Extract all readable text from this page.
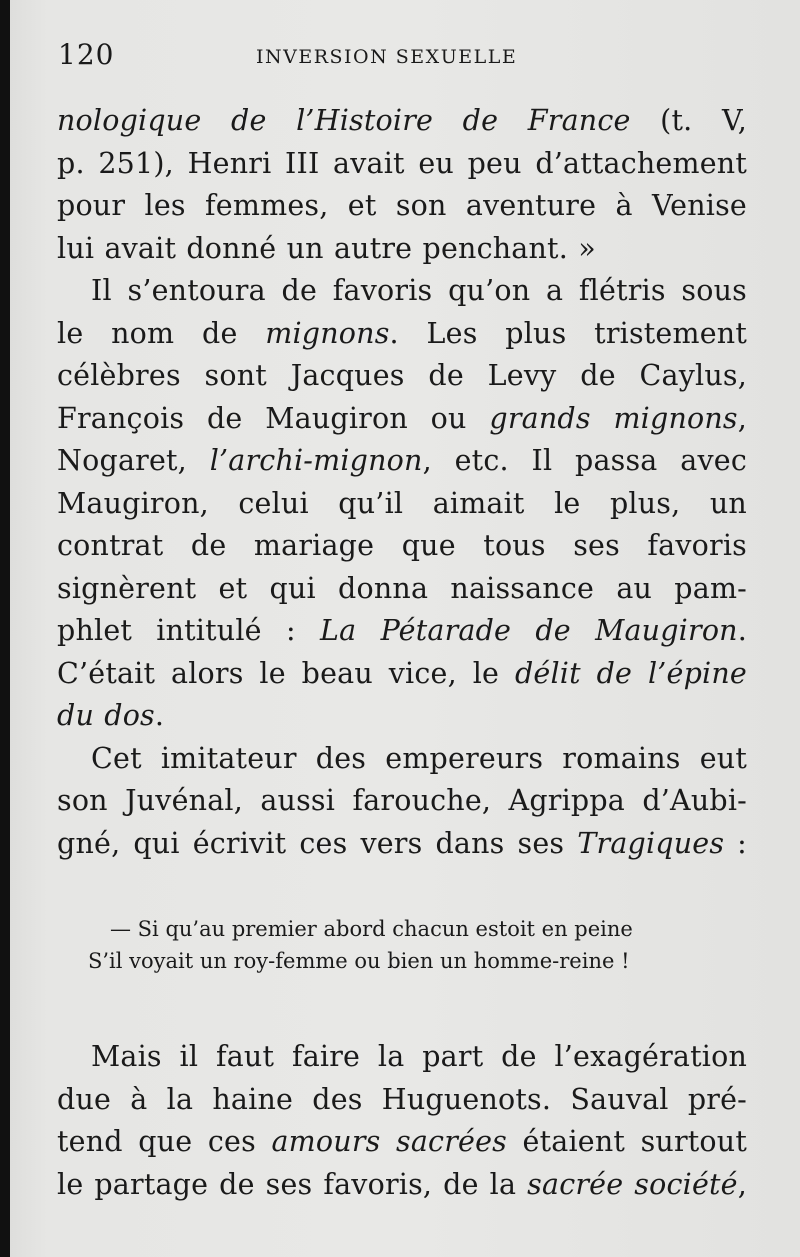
120	INVERSION SEXUELLE
nologique de l’Histoire de France (t. V,
p. 251), Henri III avait eu peu d’attachement
pour les femmes, et son aventure à Venise
lui avait donné un autre penchant. »
Il s’entoura de favoris qu’on a flétris sous
le nom de mignons. Les plus tristement
célèbres sont Jacques de Levy de Caylus,
François de Maugiron ou grands mignons,
Nogaret, l’archi-mignon, etc. Il passa avec
Maugiron, celui qu’il aimait le plus, un
contrat de mariage que tous ses favoris
signèrent et qui donna naissance au pam-
phlet intitulé : La Pétarade de Maugiron.
C’était alors le beau vice, le délit de l’épine
du dos.
Cet imitateur des empereurs romains eut
son Juvénal, aussi farouche, Agrippa d’Aubi-
gné, qui écrivit ces vers dans ses Tragiques :
— Si qu’au premier abord chacun estoit en peine
S’il voyait un roy-femme ou bien un homme-reine !
Mais il faut faire la part de l’exagération
due à la haine des Huguenots. Sauval pré-
tend que ces amours sacrées étaient surtout
le partage de ses favoris, de la sacrée société,
